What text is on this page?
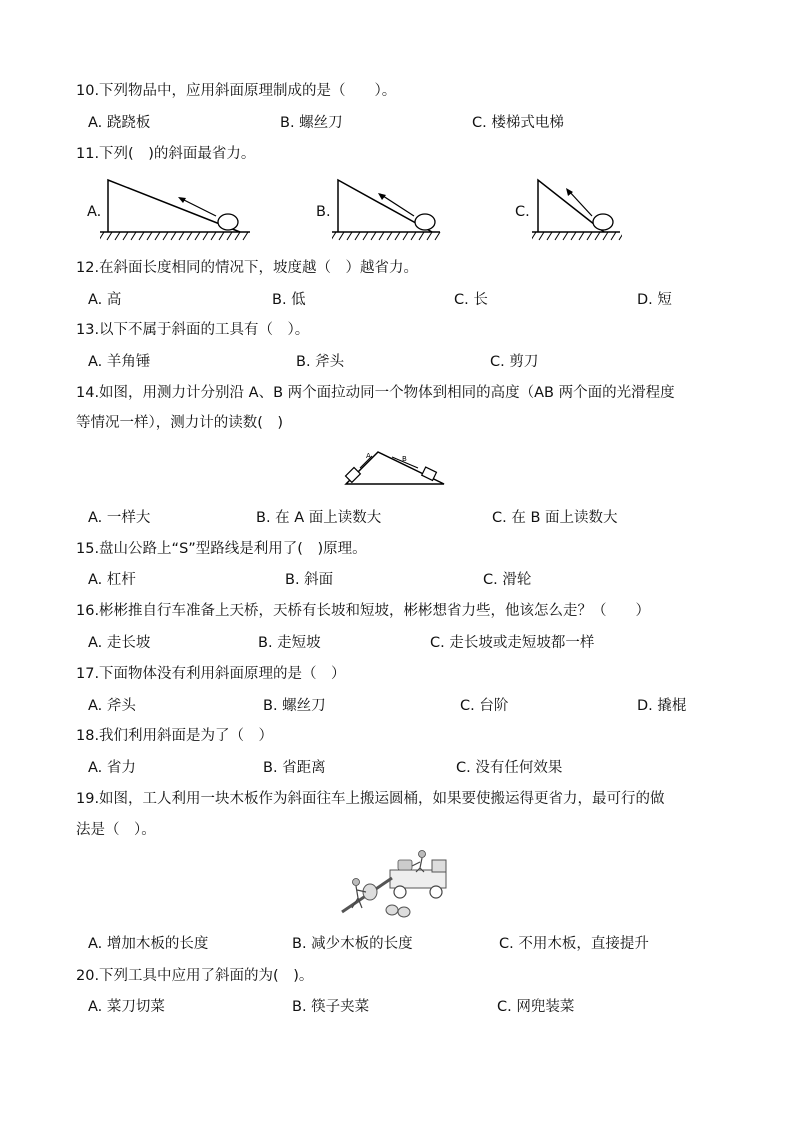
10.下列物品中，应用斜面原理制成的是（　　）。
A. 跷跷板	B. 螺丝刀	C. 楼梯式电梯
11.下列(　)的斜面最省力。
A.	B.	C.
12.在斜面长度相同的情况下，坡度越（　）越省力。
A. 高	B. 低	C. 长	D. 短
13.以下不属于斜面的工具有（　）。
A. 羊角锤	B. 斧头	C. 剪刀
14.如图，用测力计分别沿 A、B 两个面拉动同一个物体到相同的高度（AB 两个面的光滑程度
等情况一样），测力计的读数(　)
A	B
A. 一样大	B. 在 A 面上读数大	C. 在 B 面上读数大
15.盘山公路上“S”型路线是利用了(　)原理。
A. 杠杆	B. 斜面	C. 滑轮
16.彬彬推自行车准备上天桥，天桥有长坡和短坡，彬彬想省力些，他该怎么走？（　　）
A. 走长坡	B. 走短坡	C. 走长坡或走短坡都一样
17.下面物体没有利用斜面原理的是（　）
A. 斧头	B. 螺丝刀	C. 台阶	D. 撬棍
18.我们利用斜面是为了（　）
A. 省力	B. 省距离	C. 没有任何效果
19.如图，工人利用一块木板作为斜面往车上搬运圆桶，如果要使搬运得更省力，最可行的做
法是（　）。
A. 增加木板的长度	B. 减少木板的长度	C. 不用木板，直接提升
20.下列工具中应用了斜面的为(　)。
A. 菜刀切菜	B. 筷子夹菜	C. 网兜装菜
